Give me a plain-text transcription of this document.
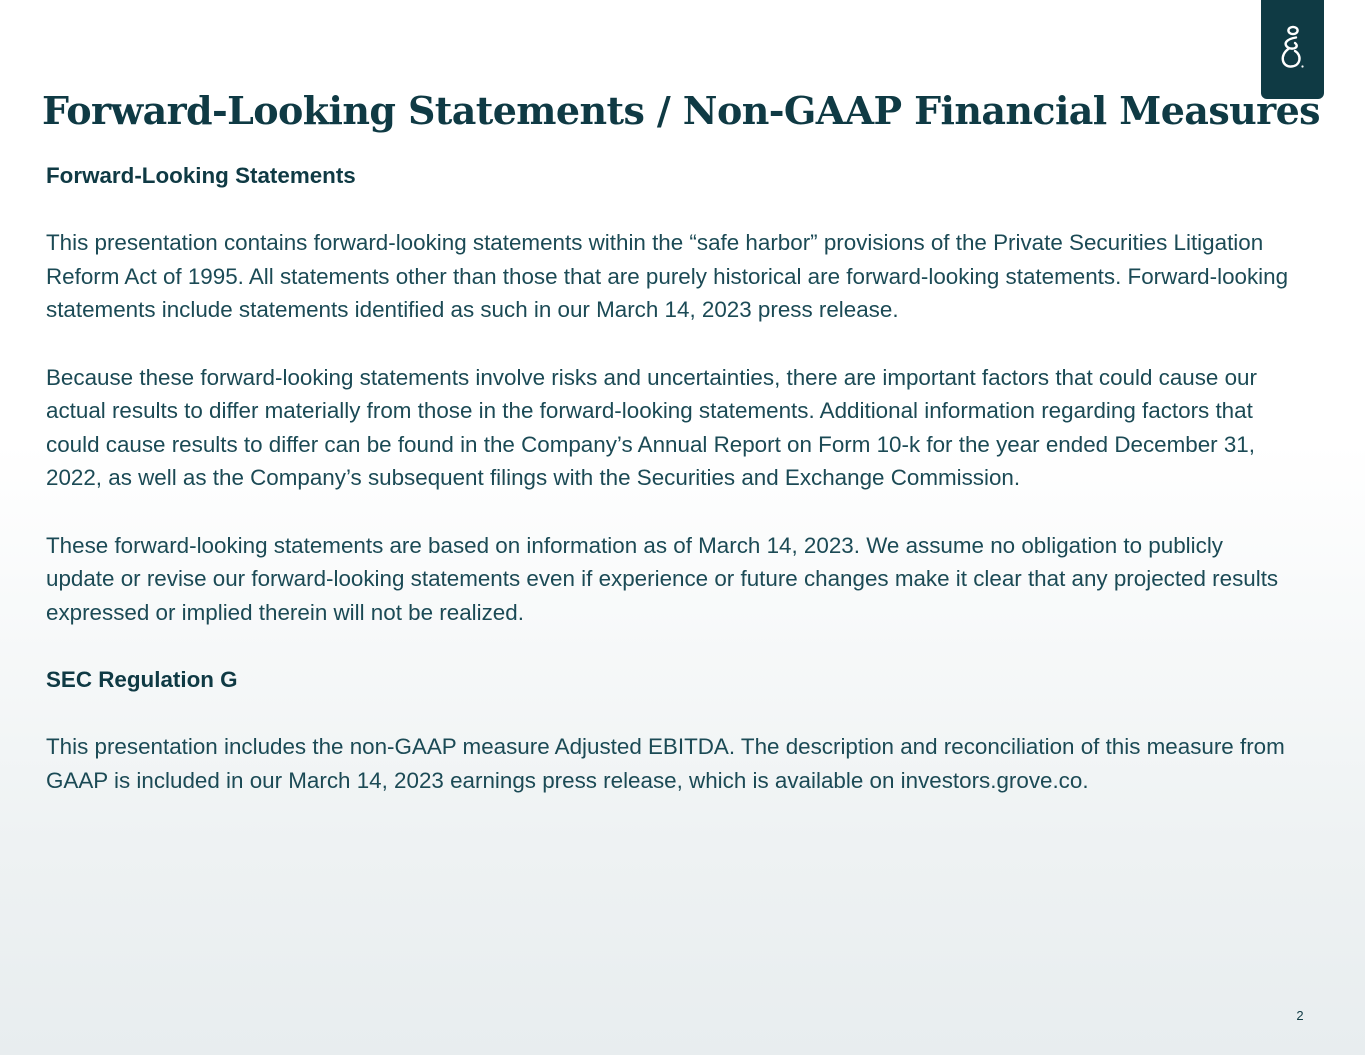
Forward-Looking Statements / Non-GAAP Financial Measures
Forward-Looking Statements

This presentation contains forward-looking statements within the “safe harbor” provisions of the Private Securities Litigation Reform Act of 1995. All statements other than those that are purely historical are forward-looking statements. Forward-looking statements include statements identified as such in our March 14, 2023 press release.

Because these forward-looking statements involve risks and uncertainties, there are important factors that could cause our actual results to differ materially from those in the forward-looking statements. Additional information regarding factors that could cause results to differ can be found in the Company’s Annual Report on Form 10-k for the year ended December 31, 2022, as well as the Company’s subsequent filings with the Securities and Exchange Commission.

These forward-looking statements are based on information as of March 14, 2023. We assume no obligation to publicly update or revise our forward-looking statements even if experience or future changes make it clear that any projected results expressed or implied therein will not be realized.

SEC Regulation G

This presentation includes the non-GAAP measure Adjusted EBITDA. The description and reconciliation of this measure from GAAP is included in our March 14, 2023 earnings press release, which is available on investors.grove.co.

2
